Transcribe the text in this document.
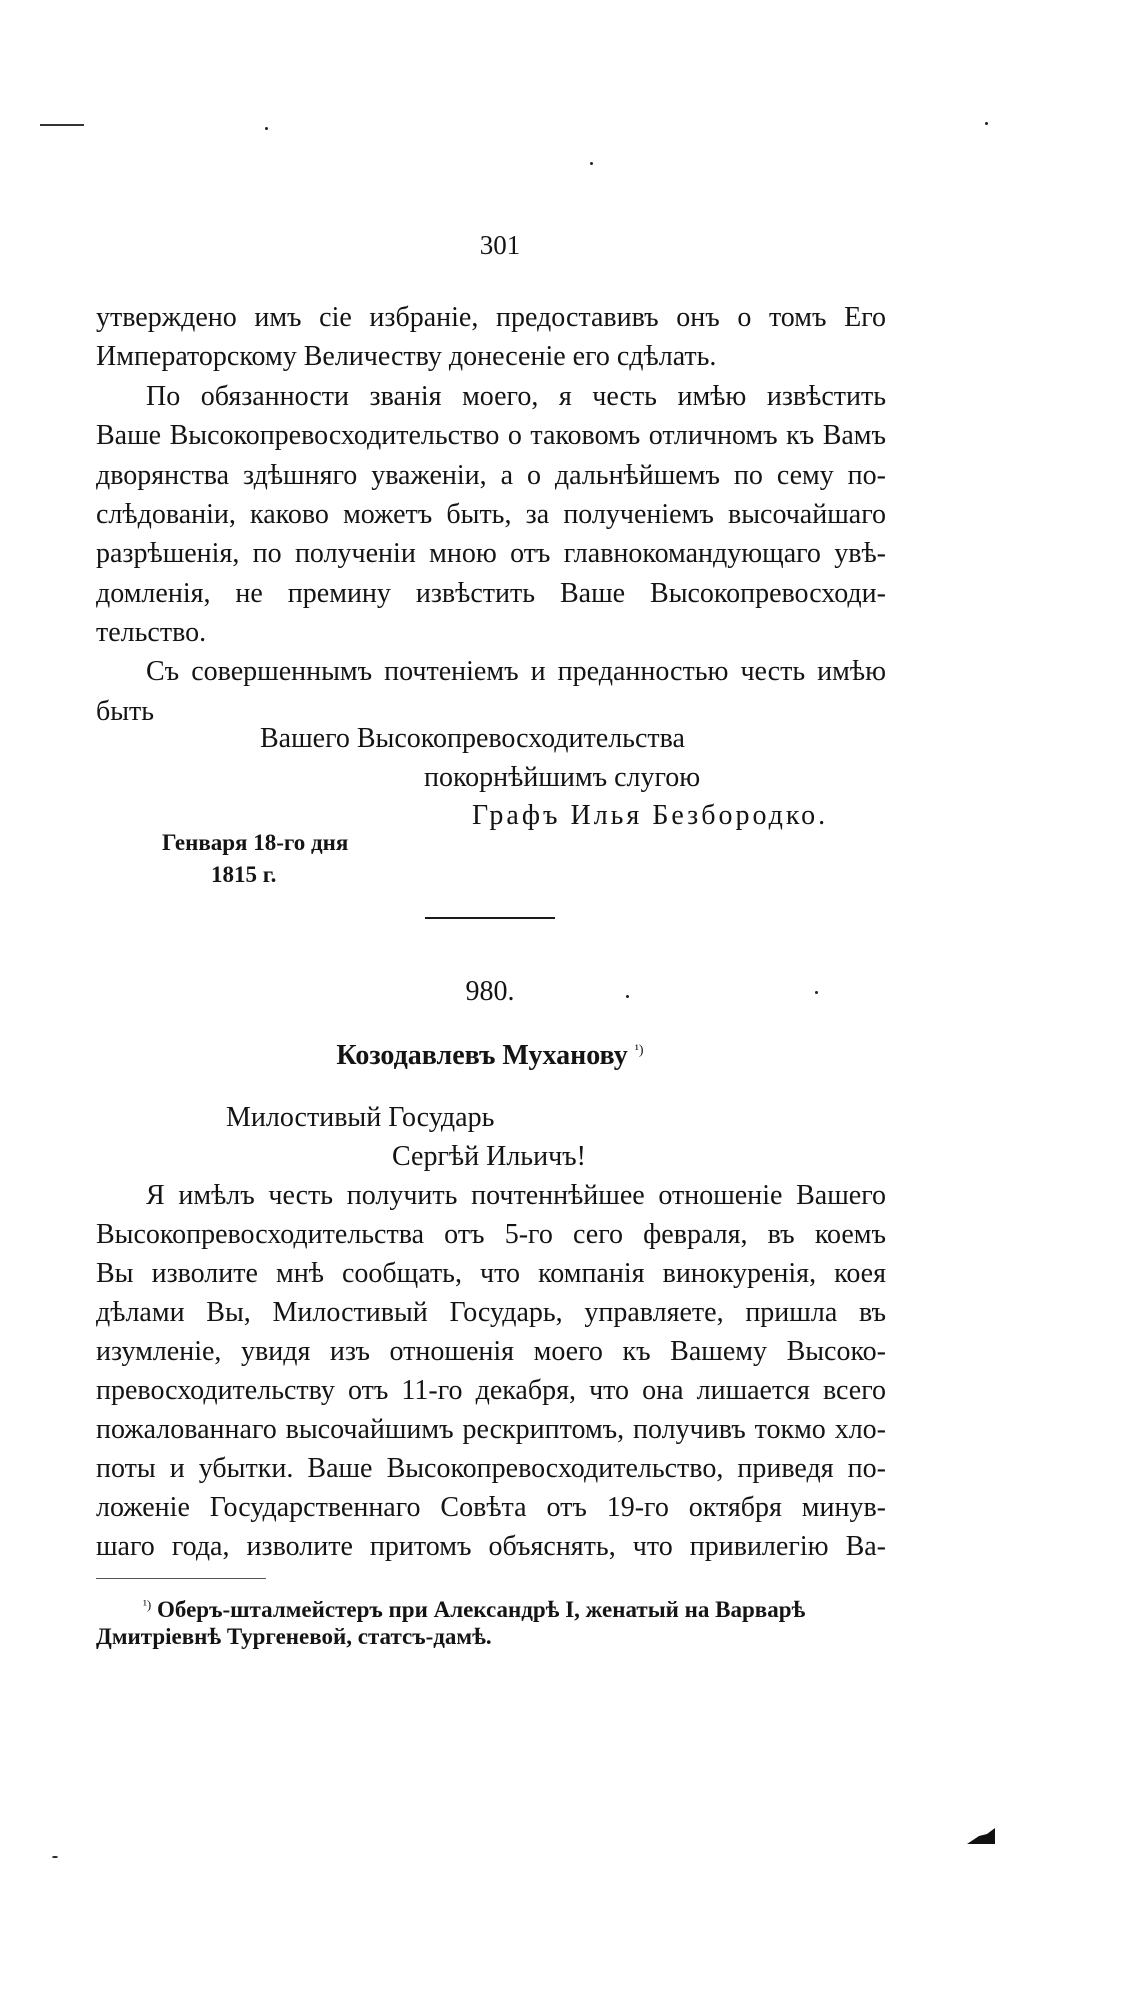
301
утверждено имъ сіе избраніе, предоставивъ онъ о томъ Его
Императорскому Величеству донесеніе его сдѣлать.
По обязанности званія моего, я честь имѣю извѣстить
Ваше Высокопревосходительство о таковомъ отличномъ къ Вамъ
дворянства здѣшняго уваженіи, а о дальнѣйшемъ по сему по-
слѣдованіи, каково можетъ быть, за полученіемъ высочайшаго
разрѣшенія, по полученіи мною отъ главнокомандующаго увѣ-
домленія, не премину извѣстить Ваше Высокопревосходи-
тельство.
Съ совершеннымъ почтеніемъ и преданностью честь имѣю
быть
Вашего Высокопревосходительства
покорнѣйшимъ слугою
Графъ Илья Безбородко.
Генваря 18-го дня
1815 г.
980.
Козодавлевъ Муханову $^{^1)}$
Милостивый Государь
Сергѣй Ильичъ!
Я имѣлъ честь получить почтеннѣйшее отношеніе Вашего
Высокопревосходительства отъ 5-го сего февраля, въ коемъ
Вы изволите мнѣ сообщать, что компанія винокуренія, коея
дѣлами Вы, Милостивый Государь, управляете, пришла въ
изумленіе, увидя изъ отношенія моего къ Вашему Высоко-
превосходительству отъ 11-го декабря, что она лишается всего
пожалованнаго высочайшимъ рескриптомъ, получивъ токмо хло-
поты и убытки. Ваше Высокопревосходительство, приведя по-
ложеніе Государственнаго Совѣта отъ 19-го октября минув-
шаго года, изволите притомъ объяснять, что привилегію Ва-
$^{^1)}$ Оберъ-шталмейстеръ при Александрѣ I, женатый на Варварѣ
Дмитріевнѣ Тургеневой, статсъ-дамѣ.
